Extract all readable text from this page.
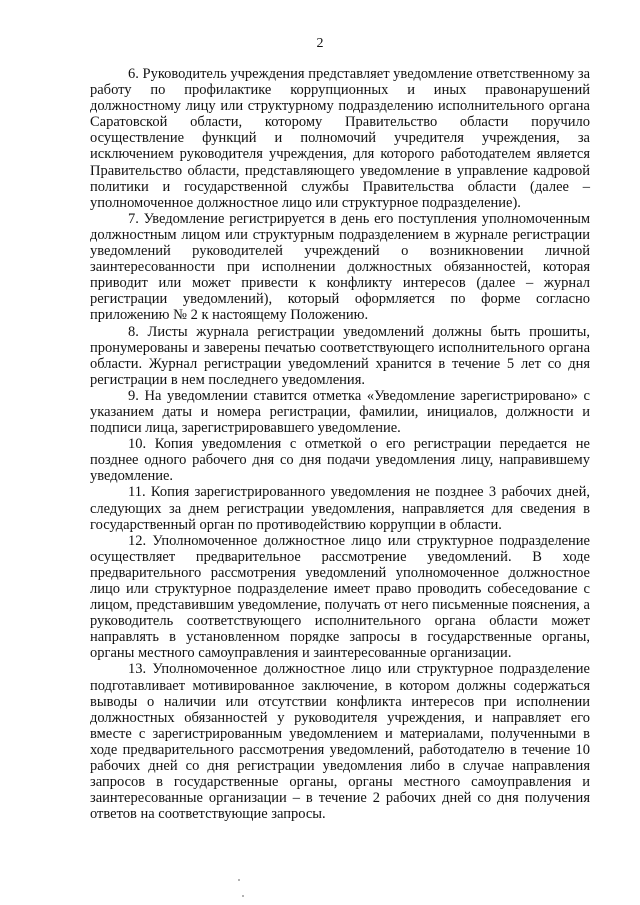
2

6. Руководитель учреждения представляет уведомление ответственному за работу по профилактике коррупционных и иных правонарушений должностному лицу или структурному подразделению исполнительного органа Саратовской области, которому Правительство области поручило осуществление функций и полномочий учредителя учреждения, за исключением руководителя учреждения, для которого работодателем является Правительство области, представляющего уведомление в управление кадровой политики и государственной службы Правительства области (далее – уполномоченное должностное лицо или структурное подразделение).

7. Уведомление регистрируется в день его поступления уполномоченным должностным лицом или структурным подразделением в журнале регистрации уведомлений руководителей учреждений о возникновении личной заинтересованности при исполнении должностных обязанностей, которая приводит или может привести к конфликту интересов (далее – журнал регистрации уведомлений), который оформляется по форме согласно приложению № 2 к настоящему Положению.

8. Листы журнала регистрации уведомлений должны быть прошиты, пронумерованы и заверены печатью соответствующего исполнительного органа области. Журнал регистрации уведомлений хранится в течение 5 лет со дня регистрации в нем последнего уведомления.

9. На уведомлении ставится отметка «Уведомление зарегистрировано» с указанием даты и номера регистрации, фамилии, инициалов, должности и подписи лица, зарегистрировавшего уведомление.

10. Копия уведомления с отметкой о его регистрации передается не позднее одного рабочего дня со дня подачи уведомления лицу, направившему уведомление.

11. Копия зарегистрированного уведомления не позднее 3 рабочих дней, следующих за днем регистрации уведомления, направляется для сведения в государственный орган по противодействию коррупции в области.

12. Уполномоченное должностное лицо или структурное подразделение осуществляет предварительное рассмотрение уведомлений. В ходе предварительного рассмотрения уведомлений уполномоченное должностное лицо или структурное подразделение имеет право проводить собеседование с лицом, представившим уведомление, получать от него письменные пояснения, а руководитель соответствующего исполнительного органа области может направлять в установленном порядке запросы в государственные органы, органы местного самоуправления и заинтересованные организации.

13. Уполномоченное должностное лицо или структурное подразделение подготавливает мотивированное заключение, в котором должны содержаться выводы о наличии или отсутствии конфликта интересов при исполнении должностных обязанностей у руководителя учреждения, и направляет его вместе с зарегистрированным уведомлением и материалами, полученными в ходе предварительного рассмотрения уведомлений, работодателю в течение 10 рабочих дней со дня регистрации уведомления либо в случае направления запросов в государственные органы, органы местного самоуправления и заинтересованные организации – в течение 2 рабочих дней со дня получения ответов на соответствующие запросы.
